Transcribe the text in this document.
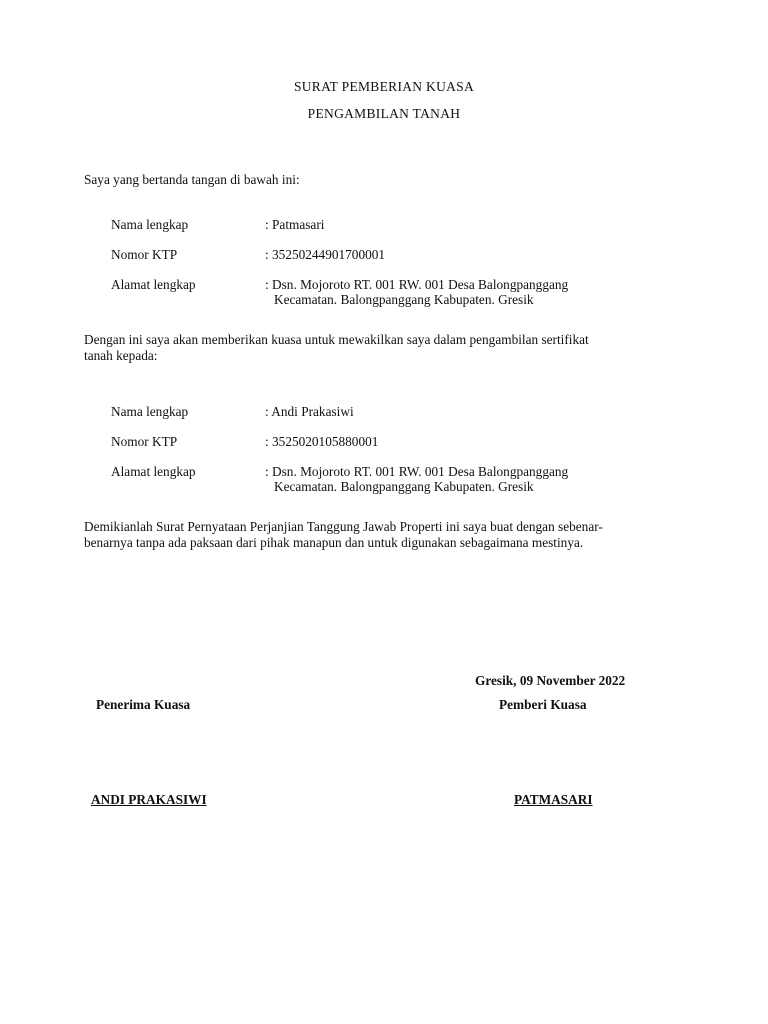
SURAT PEMBERIAN KUASA
PENGAMBILAN TANAH
Saya yang bertanda tangan di bawah ini:
Nama lengkap	: Patmasari
Nomor KTP	: 35250244901700001
Alamat lengkap	: Dsn. Mojoroto RT. 001 RW. 001 Desa Balongpanggang
Kecamatan. Balongpanggang Kabupaten. Gresik
Dengan ini saya akan memberikan kuasa untuk mewakilkan saya dalam pengambilan sertifikat
tanah kepada:
Nama lengkap	: Andi Prakasiwi
Nomor KTP	: 3525020105880001
Alamat lengkap	: Dsn. Mojoroto RT. 001 RW. 001 Desa Balongpanggang
Kecamatan. Balongpanggang Kabupaten. Gresik
Demikianlah Surat Pernyataan Perjanjian Tanggung Jawab Properti ini saya buat dengan sebenar-
benarnya tanpa ada paksaan dari pihak manapun dan untuk digunakan sebagaimana mestinya.
Gresik, 09 November 2022
Penerima Kuasa	Pemberi Kuasa
ANDI PRAKASIWI	PATMASARI
